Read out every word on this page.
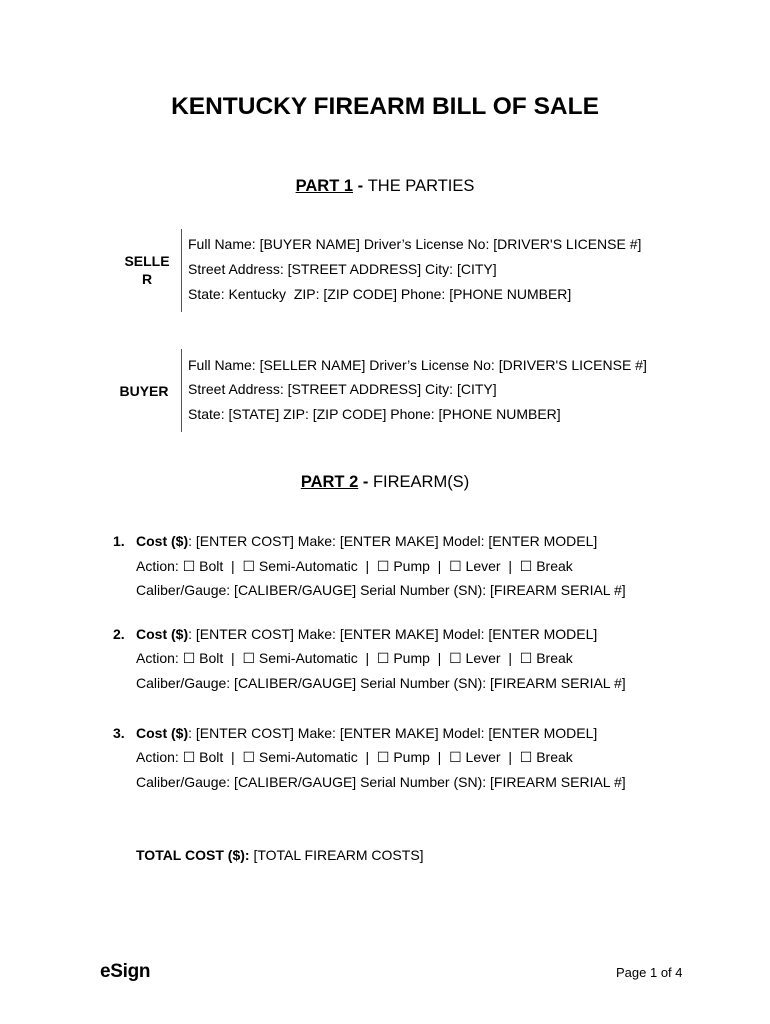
KENTUCKY FIREARM BILL OF SALE
PART 1 - THE PARTIES
SELLE
R
Full Name: [BUYER NAME] Driver’s License No: [DRIVER'S LICENSE #]
Street Address: [STREET ADDRESS] City: [CITY]
State: Kentucky  ZIP: [ZIP CODE] Phone: [PHONE NUMBER]
BUYER
Full Name: [SELLER NAME] Driver’s License No: [DRIVER'S LICENSE #]
Street Address: [STREET ADDRESS] City: [CITY]
State: [STATE] ZIP: [ZIP CODE] Phone: [PHONE NUMBER]
PART 2 - FIREARM(S)
1. Cost ($): [ENTER COST] Make: [ENTER MAKE] Model: [ENTER MODEL]
Action: ☐ Bolt  |  ☐ Semi-Automatic  |  ☐ Pump  |  ☐ Lever  |  ☐ Break
Caliber/Gauge: [CALIBER/GAUGE] Serial Number (SN): [FIREARM SERIAL #]
2. Cost ($): [ENTER COST] Make: [ENTER MAKE] Model: [ENTER MODEL]
Action: ☐ Bolt  |  ☐ Semi-Automatic  |  ☐ Pump  |  ☐ Lever  |  ☐ Break
Caliber/Gauge: [CALIBER/GAUGE] Serial Number (SN): [FIREARM SERIAL #]
3. Cost ($): [ENTER COST] Make: [ENTER MAKE] Model: [ENTER MODEL]
Action: ☐ Bolt  |  ☐ Semi-Automatic  |  ☐ Pump  |  ☐ Lever  |  ☐ Break
Caliber/Gauge: [CALIBER/GAUGE] Serial Number (SN): [FIREARM SERIAL #]
TOTAL COST ($): [TOTAL FIREARM COSTS]
eSign	Page 1 of 4
